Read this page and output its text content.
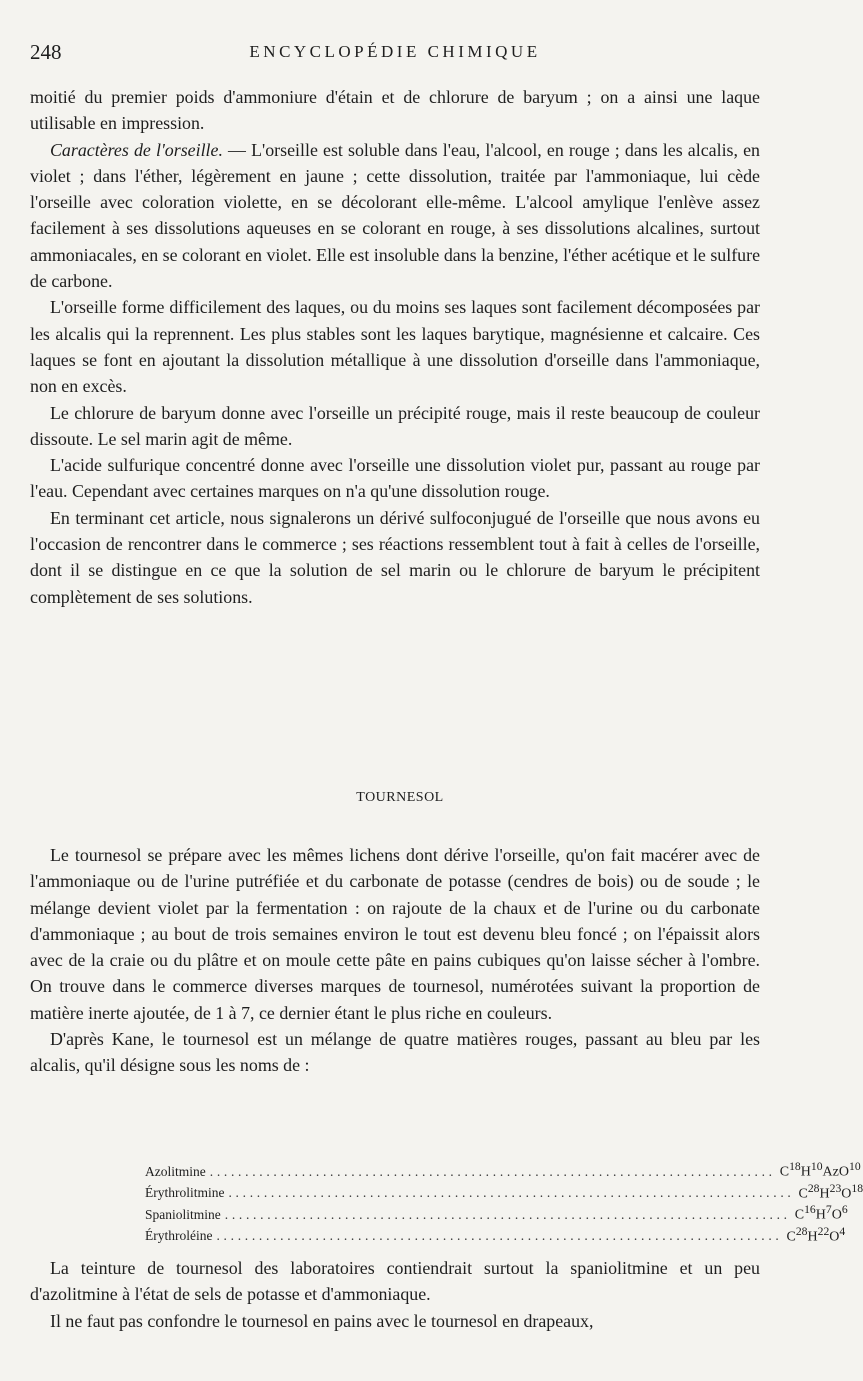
248	ENCYCLOPÉDIE CHIMIQUE

moitié du premier poids d'ammoniure d'étain et de chlorure de baryum ; on a ainsi une laque utilisable en impression.

Caractères de l'orseille. — L'orseille est soluble dans l'eau, l'alcool, en rouge ; dans les alcalis, en violet ; dans l'éther, légèrement en jaune ; cette dissolution, traitée par l'ammoniaque, lui cède l'orseille avec coloration violette, en se décolorant elle-même. L'alcool amylique l'enlève assez facilement à ses dissolutions aqueuses en se colorant en rouge, à ses dissolutions alcalines, surtout ammoniacales, en se colorant en violet. Elle est insoluble dans la benzine, l'éther acétique et le sulfure de carbone.

L'orseille forme difficilement des laques, ou du moins ses laques sont facilement décomposées par les alcalis qui la reprennent. Les plus stables sont les laques barytique, magnésienne et calcaire. Ces laques se font en ajoutant la dissolution métallique à une dissolution d'orseille dans l'ammoniaque, non en excès.

Le chlorure de baryum donne avec l'orseille un précipité rouge, mais il reste beaucoup de couleur dissoute. Le sel marin agit de même.

L'acide sulfurique concentré donne avec l'orseille une dissolution violet pur, passant au rouge par l'eau. Cependant avec certaines marques on n'a qu'une dissolution rouge.

En terminant cet article, nous signalerons un dérivé sulfoconjugué de l'orseille que nous avons eu l'occasion de rencontrer dans le commerce ; ses réactions ressemblent tout à fait à celles de l'orseille, dont il se distingue en ce que la solution de sel marin ou le chlorure de baryum le précipitent complètement de ses solutions.

TOURNESOL

Le tournesol se prépare avec les mêmes lichens dont dérive l'orseille, qu'on fait macérer avec de l'ammoniaque ou de l'urine putréfiée et du carbonate de potasse (cendres de bois) ou de soude ; le mélange devient violet par la fermentation : on rajoute de la chaux et de l'urine ou du carbonate d'ammoniaque ; au bout de trois semaines environ le tout est devenu bleu foncé ; on l'épaissit alors avec de la craie ou du plâtre et on moule cette pâte en pains cubiques qu'on laisse sécher à l'ombre. On trouve dans le commerce diverses marques de tournesol, numérotées suivant la proportion de matière inerte ajoutée, de 1 à 7, ce dernier étant le plus riche en couleurs.

D'après Kane, le tournesol est un mélange de quatre matières rouges, passant au bleu par les alcalis, qu'il désigne sous les noms de :

Azolitmine ................................................................................ $C^{18}H^{10}AzO^{10}$
Érythrolitmine ................................................................................ $C^{28}H^{23}O^{18}$
Spaniolitmine ................................................................................ $C^{16}H^7O^6$
Érythroléine ................................................................................ $C^{28}H^{22}O^4$

La teinture de tournesol des laboratoires contiendrait surtout la spaniolitmine et un peu d'azolitmine à l'état de sels de potasse et d'ammoniaque.

Il ne faut pas confondre le tournesol en pains avec le tournesol en drapeaux,
